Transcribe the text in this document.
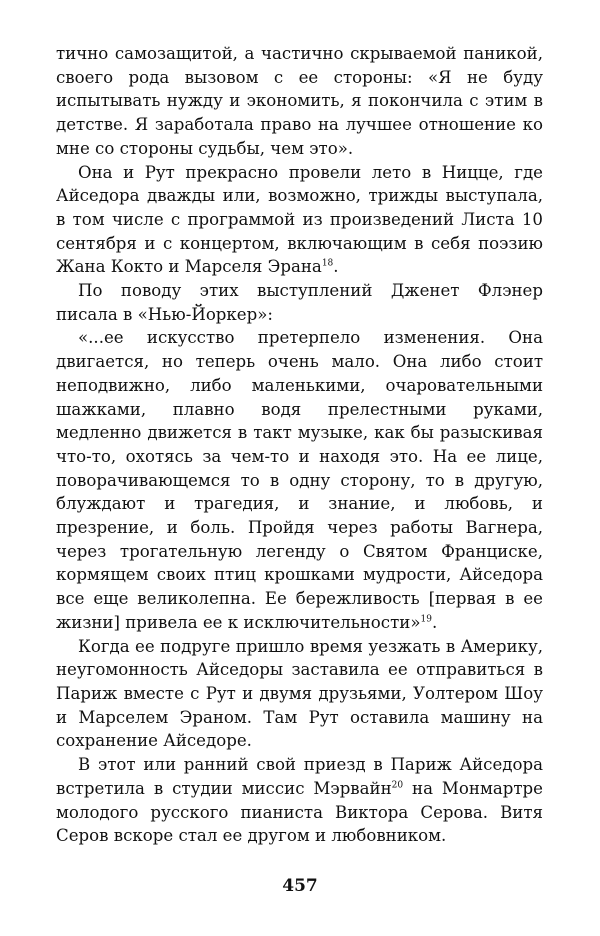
тично самозащитой, а частично скрываемой паникой, своего рода вызовом с ее стороны: «Я не буду испытывать нужду и экономить, я покончила с этим в детстве. Я заработала право на лучшее отношение ко мне со стороны судьбы, чем это».

Она и Рут прекрасно провели лето в Ницце, где Айседора дважды или, возможно, трижды выступала, в том числе с программой из произведений Листа 10 сентября и с концертом, включающим в себя поэзию Жана Кокто и Марселя Эрана$^{18}$.

По поводу этих выступлений Дженет Флэнер писала в «Нью-Йоркер»:

«...ее искусство претерпело изменения. Она двигается, но теперь очень мало. Она либо стоит неподвижно, либо маленькими, очаровательными шажками, плавно водя прелестными руками, медленно движется в такт музыке, как бы разыскивая что-то, охотясь за чем-то и находя это. На ее лице, поворачивающемся то в одну сторону, то в другую, блуждают и трагедия, и знание, и любовь, и презрение, и боль. Пройдя через работы Вагнера, через трогательную легенду о Святом Франциске, кормящем своих птиц крошками мудрости, Айседора все еще великолепна. Ее бережливость [первая в ее жизни] привела ее к исключительности»$^{19}$.

Когда ее подруге пришло время уезжать в Америку, неугомонность Айседоры заставила ее отправиться в Париж вместе с Рут и двумя друзьями, Уолтером Шоу и Марселем Эраном. Там Рут оставила машину на сохранение Айседоре.

В этот или ранний свой приезд в Париж Айседора встретила в студии миссис Мэрвайн$^{20}$ на Монмартре молодого русского пианиста Виктора Серова. Витя Серов вскоре стал ее другом и любовником.

457
